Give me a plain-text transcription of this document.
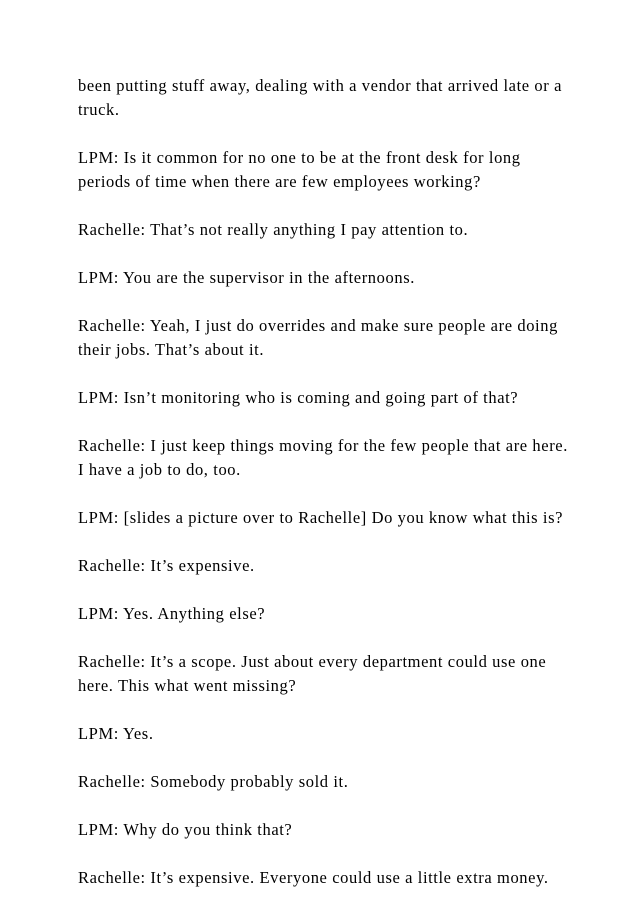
been putting stuff away, dealing with a vendor that arrived late or a truck.

LPM: Is it common for no one to be at the front desk for long periods of time when there are few employees working?

Rachelle: That’s not really anything I pay attention to.

LPM: You are the supervisor in the afternoons.

Rachelle: Yeah, I just do overrides and make sure people are doing their jobs. That’s about it.

LPM: Isn’t monitoring who is coming and going part of that?

Rachelle: I just keep things moving for the few people that are here. I have a job to do, too.

LPM: [slides a picture over to Rachelle] Do you know what this is?

Rachelle: It’s expensive.

LPM: Yes. Anything else?

Rachelle: It’s a scope. Just about every department could use one here. This what went missing?

LPM: Yes.

Rachelle: Somebody probably sold it.

LPM: Why do you think that?

Rachelle: It’s expensive. Everyone could use a little extra money.
